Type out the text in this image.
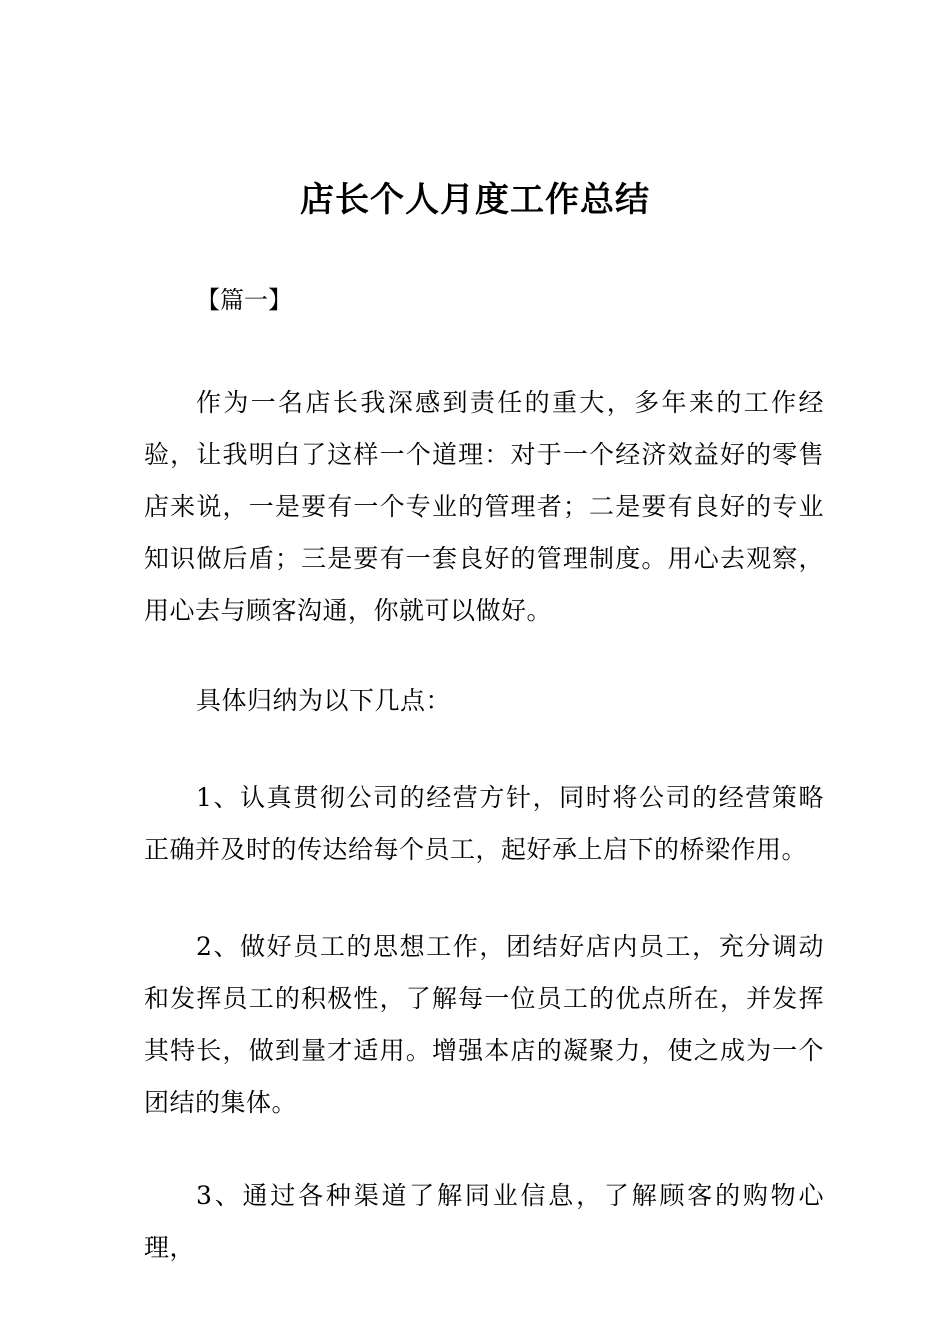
店长个人月度工作总结
【篇一】

作为一名店长我深感到责任的重大，多年来的工作经验，让我明白了这样一个道理：对于一个经济效益好的零售店来说，一是要有一个专业的管理者；二是要有良好的专业知识做后盾；三是要有一套良好的管理制度。用心去观察，用心去与顾客沟通，你就可以做好。

具体归纳为以下几点：

1、认真贯彻公司的经营方针，同时将公司的经营策略正确并及时的传达给每个员工，起好承上启下的桥梁作用。

2、做好员工的思想工作，团结好店内员工，充分调动和发挥员工的积极性，了解每一位员工的优点所在，并发挥其特长，做到量才适用。增强本店的凝聚力，使之成为一个团结的集体。

3、通过各种渠道了解同业信息，了解顾客的购物心理，
